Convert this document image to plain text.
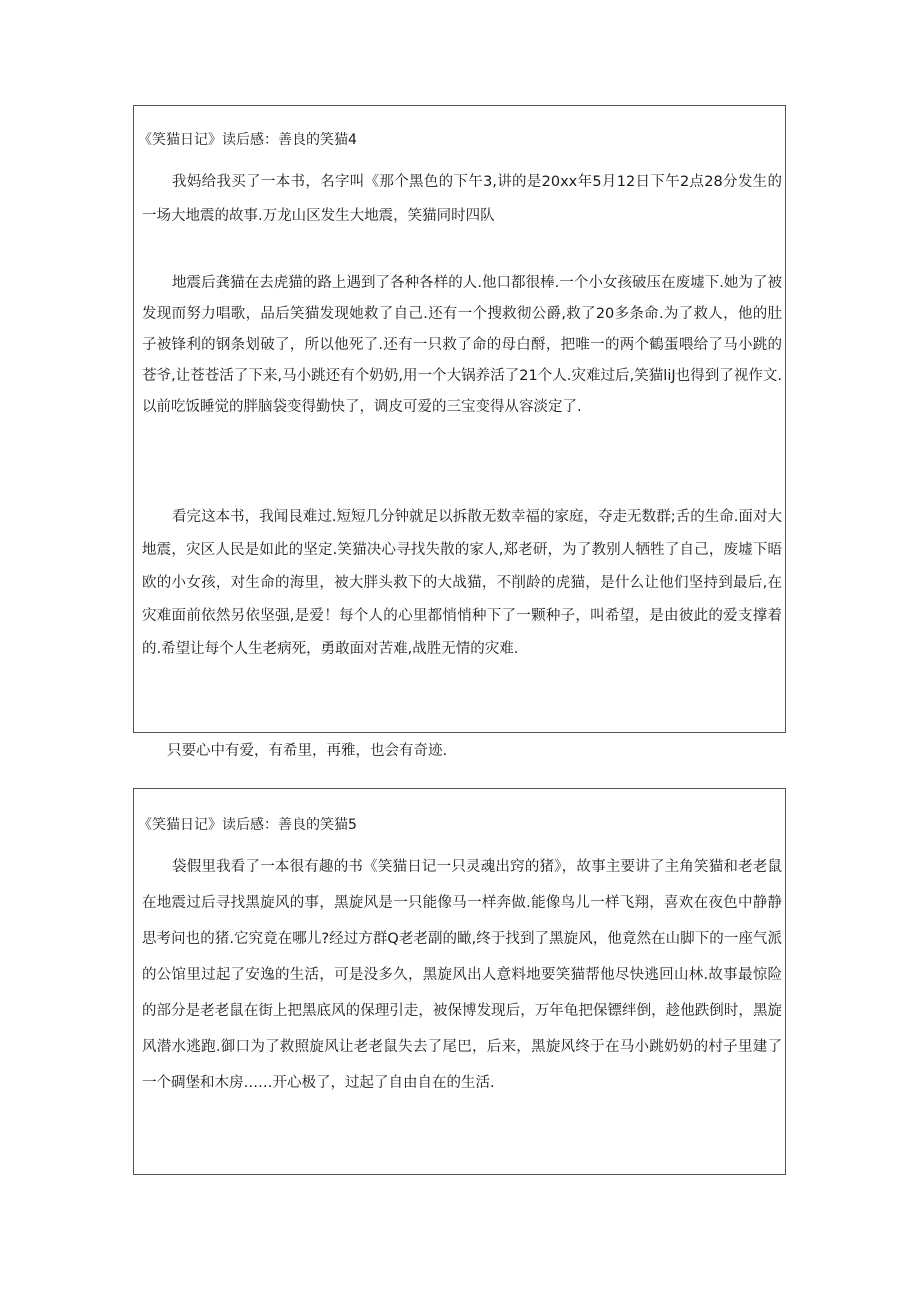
《笑猫日记》读后感：善良的笑猫4

我妈给我买了一本书，名字叫《那个黑色的下午3,讲的是20xx年5月12日下午2点28分发生的一场大地震的故事.万龙山区发生大地震，笑猫同时四队

地震后龚猫在去虎猫的路上遇到了各种各样的人.他口都很棒.一个小女孩破压在废墟下.她为了被发现而努力唱歌，品后笑猫发现她救了自己.还有一个搜救彻公爵,救了20多条命.为了救人，他的肚子被锋利的钢条划破了，所以他死了.还有一只救了命的母白酹，把唯一的两个鶴蛋喂给了马小跳的苍爷,让苍苍活了下来,马小跳还有个奶奶,用一个大锅养活了21个人.灾难过后,笑猫liJ也得到了视作文.以前吃饭睡觉的胖脑袋变得勤快了，调皮可爱的三宝变得从容淡定了.

看完这本书，我闻艮难过.短短几分钟就足以拆散无数幸福的家庭，夺走无数群;舌的生命.面对大地震，灾区人民是如此的坚定.笑猫决心寻找失散的家人,郑老研，为了教别人牺牲了自己，废墟下晤欧的小女孩，对生命的海里，被大胖头救下的大战猫，不削龄的虎猫，是什么让他们坚持到最后,在灾难面前依然另依坚强,是爱！每个人的心里都悄悄种下了一颗种子，叫希望，是由彼此的爱支撑着的.希望让每个人生老病死，勇敢面对苦难,战胜无情的灾难.

只要心中有爱，有希里，再雅，也会有奇迹.
《笑猫日记》读后感：善良的笑猫5

袋假里我看了一本很有趣的书《笑猫日记一只灵魂出窍的猪》，故事主要讲了主角笑猫和老老鼠在地震过后寻找黑旋风的事，黑旋风是一只能像马一样奔做.能像鸟儿一样飞翔，喜欢在夜色中静静思考问也的猪.它究竟在哪儿?经过方群Q老老副的瞰,终于找到了黑旋风，他竟然在山脚下的一座气派的公馆里过起了安逸的生活，可是没多久，黑旋风出人意料地要笑猫帮他尽快逃回山林.故事最惊险的部分是老老鼠在街上把黑底风的保理引走，被保博发现后，万年龟把保镖绊倒，趁他跌倒时，黑旋风潜水逃跑.御口为了救照旋风让老老鼠失去了尾巴，后来，黑旋风终于在马小跳奶奶的村子里建了一个碉堡和木房……开心极了，过起了自由自在的生活.
